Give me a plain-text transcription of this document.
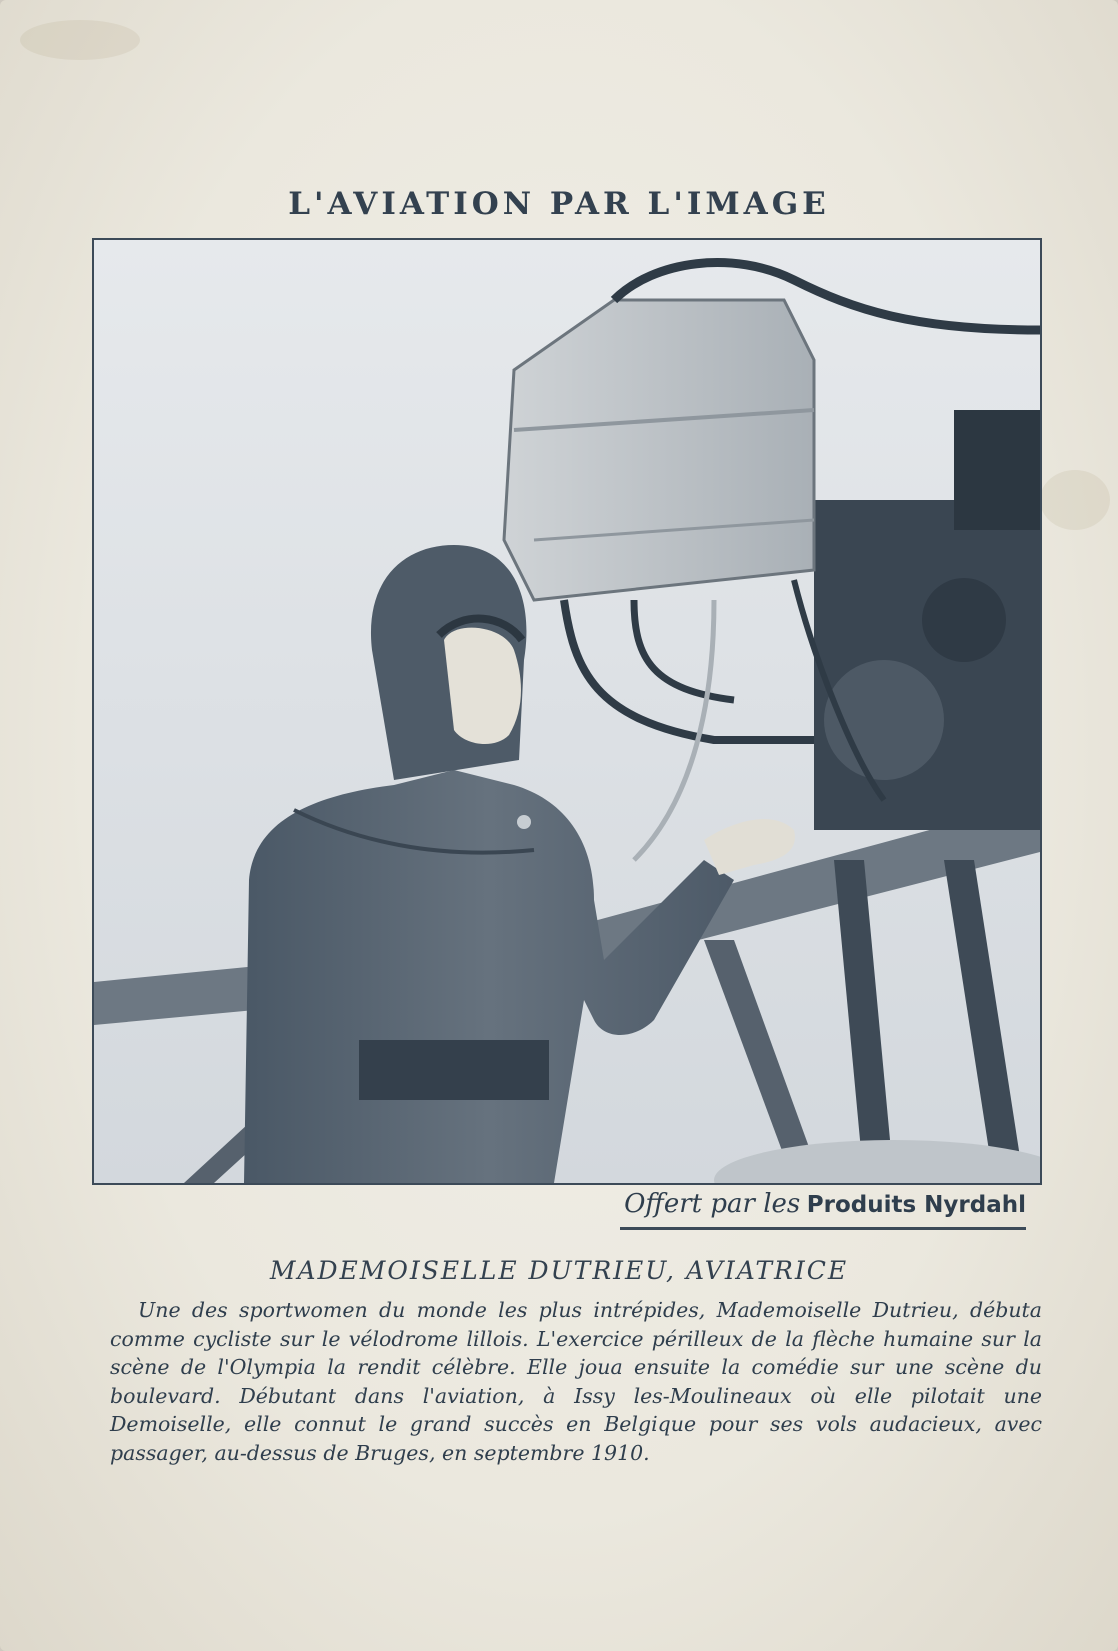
L'AVIATION PAR L'IMAGE
Offert par les Produits Nyrdahl
MADEMOISELLE DUTRIEU, AVIATRICE
Une des sportwomen du monde les plus intrépides, Mademoiselle Dutrieu, débuta comme cycliste sur le vélodrome lillois. L'exercice périlleux de la flèche humaine sur la scène de l'Olympia la rendit célèbre. Elle joua ensuite la comédie sur une scène du boulevard. Débutant dans l'aviation, à Issy les-Moulineaux où elle pilotait une Demoiselle, elle connut le grand succès en Belgique pour ses vols audacieux, avec passager, au-dessus de Bruges, en septembre 1910.
